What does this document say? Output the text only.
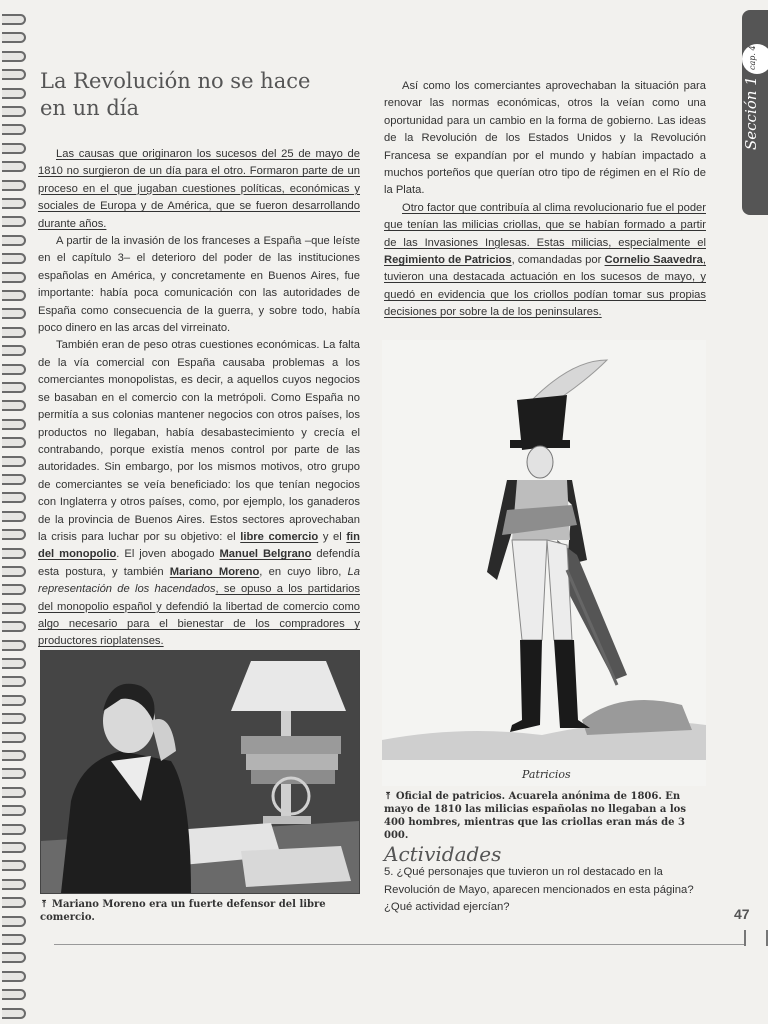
La Revolución no se hace
en un día

Las causas que originaron los sucesos del 25 de mayo de 1810 no surgieron de un día para el otro. Formaron parte de un proceso en el que jugaban cuestiones políticas, económicas y sociales de Europa y de América, que se fueron desarrollando durante años.

A partir de la invasión de los franceses a España –que leíste en el capítulo 3– el deterioro del poder de las instituciones españolas en América, y concretamente en Buenos Aires, fue importante: había poca comunicación con las autoridades de España como consecuencia de la guerra, y sobre todo, había poco dinero en las arcas del virreinato.

También eran de peso otras cuestiones económicas. La falta de la vía comercial con España causaba problemas a los comerciantes monopolistas, es decir, a aquellos cuyos negocios se basaban en el comercio con la metrópoli. Como España no permitía a sus colonias mantener negocios con otros países, los productos no llegaban, había desabastecimiento y crecía el contrabando, porque existía menos control por parte de las autoridades. Sin embargo, por los mismos motivos, otro grupo de comerciantes se veía beneficiado: los que tenían negocios con Inglaterra y otros países, como, por ejemplo, los ganaderos de la provincia de Buenos Aires. Estos sectores aprovechaban la crisis para luchar por su objetivo: el libre comercio y el fin del monopolio. El joven abogado Manuel Belgrano defendía esta postura, y también Mariano Moreno, en cuyo libro, La representación de los hacendados, se opuso a los partidarios del monopolio español y defendió la libertad de comercio como algo necesario para el bienestar de los compradores y productores rioplatenses.

Así como los comerciantes aprovechaban la situación para renovar las normas económicas, otros la veían como una oportunidad para un cambio en la forma de gobierno. Las ideas de la Revolución de los Estados Unidos y la Revolución Francesa se expandían por el mundo y habían impactado a muchos porteños que querían otro tipo de régimen en el Río de la Plata.

Otro factor que contribuía al clima revolucionario fue el poder que tenían las milicias criollas, que se habían formado a partir de las Invasiones Inglesas. Estas milicias, especialmente el Regimiento de Patricios, comandadas por Cornelio Saavedra, tuvieron una destacada actuación en los sucesos de mayo, y quedó en evidencia que los criollos podían tomar sus propias decisiones por sobre la de los peninsulares.

⤒ Mariano Moreno era un fuerte defensor del libre comercio.
Patricios
⤒ Oficial de patricios. Acuarela anónima de 1806. En mayo de 1810 las milicias españolas no llegaban a los 400 hombres, mientras que las criollas eran más de 3 000.
Actividades
5. ¿Qué personajes que tuvieron un rol destacado en la Revolución de Mayo, aparecen mencionados en esta página? ¿Qué actividad ejercían?
cap. 4
Sección 1
47
